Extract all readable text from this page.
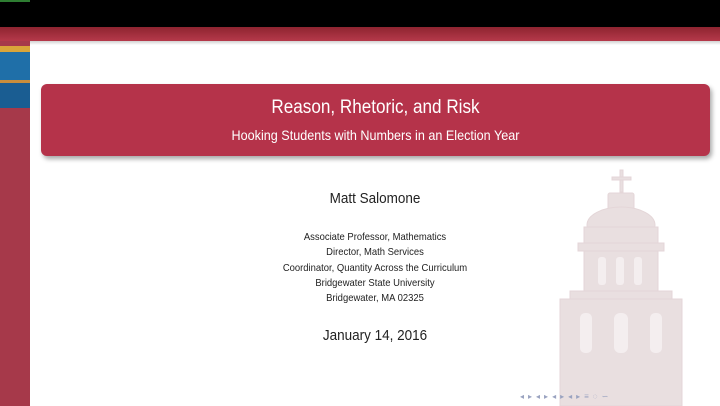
Reason, Rhetoric, and Risk
Hooking Students with Numbers in an Election Year
Matt Salomone
Associate Professor, Mathematics
Director, Math Services
Coordinator, Quantity Across the Curriculum
Bridgewater State University
Bridgewater, MA 02325
January 14, 2016
◂ ▸ ◂ ▸ ◂ ▸ ◂ ▸ ≡ ◌ ∽
